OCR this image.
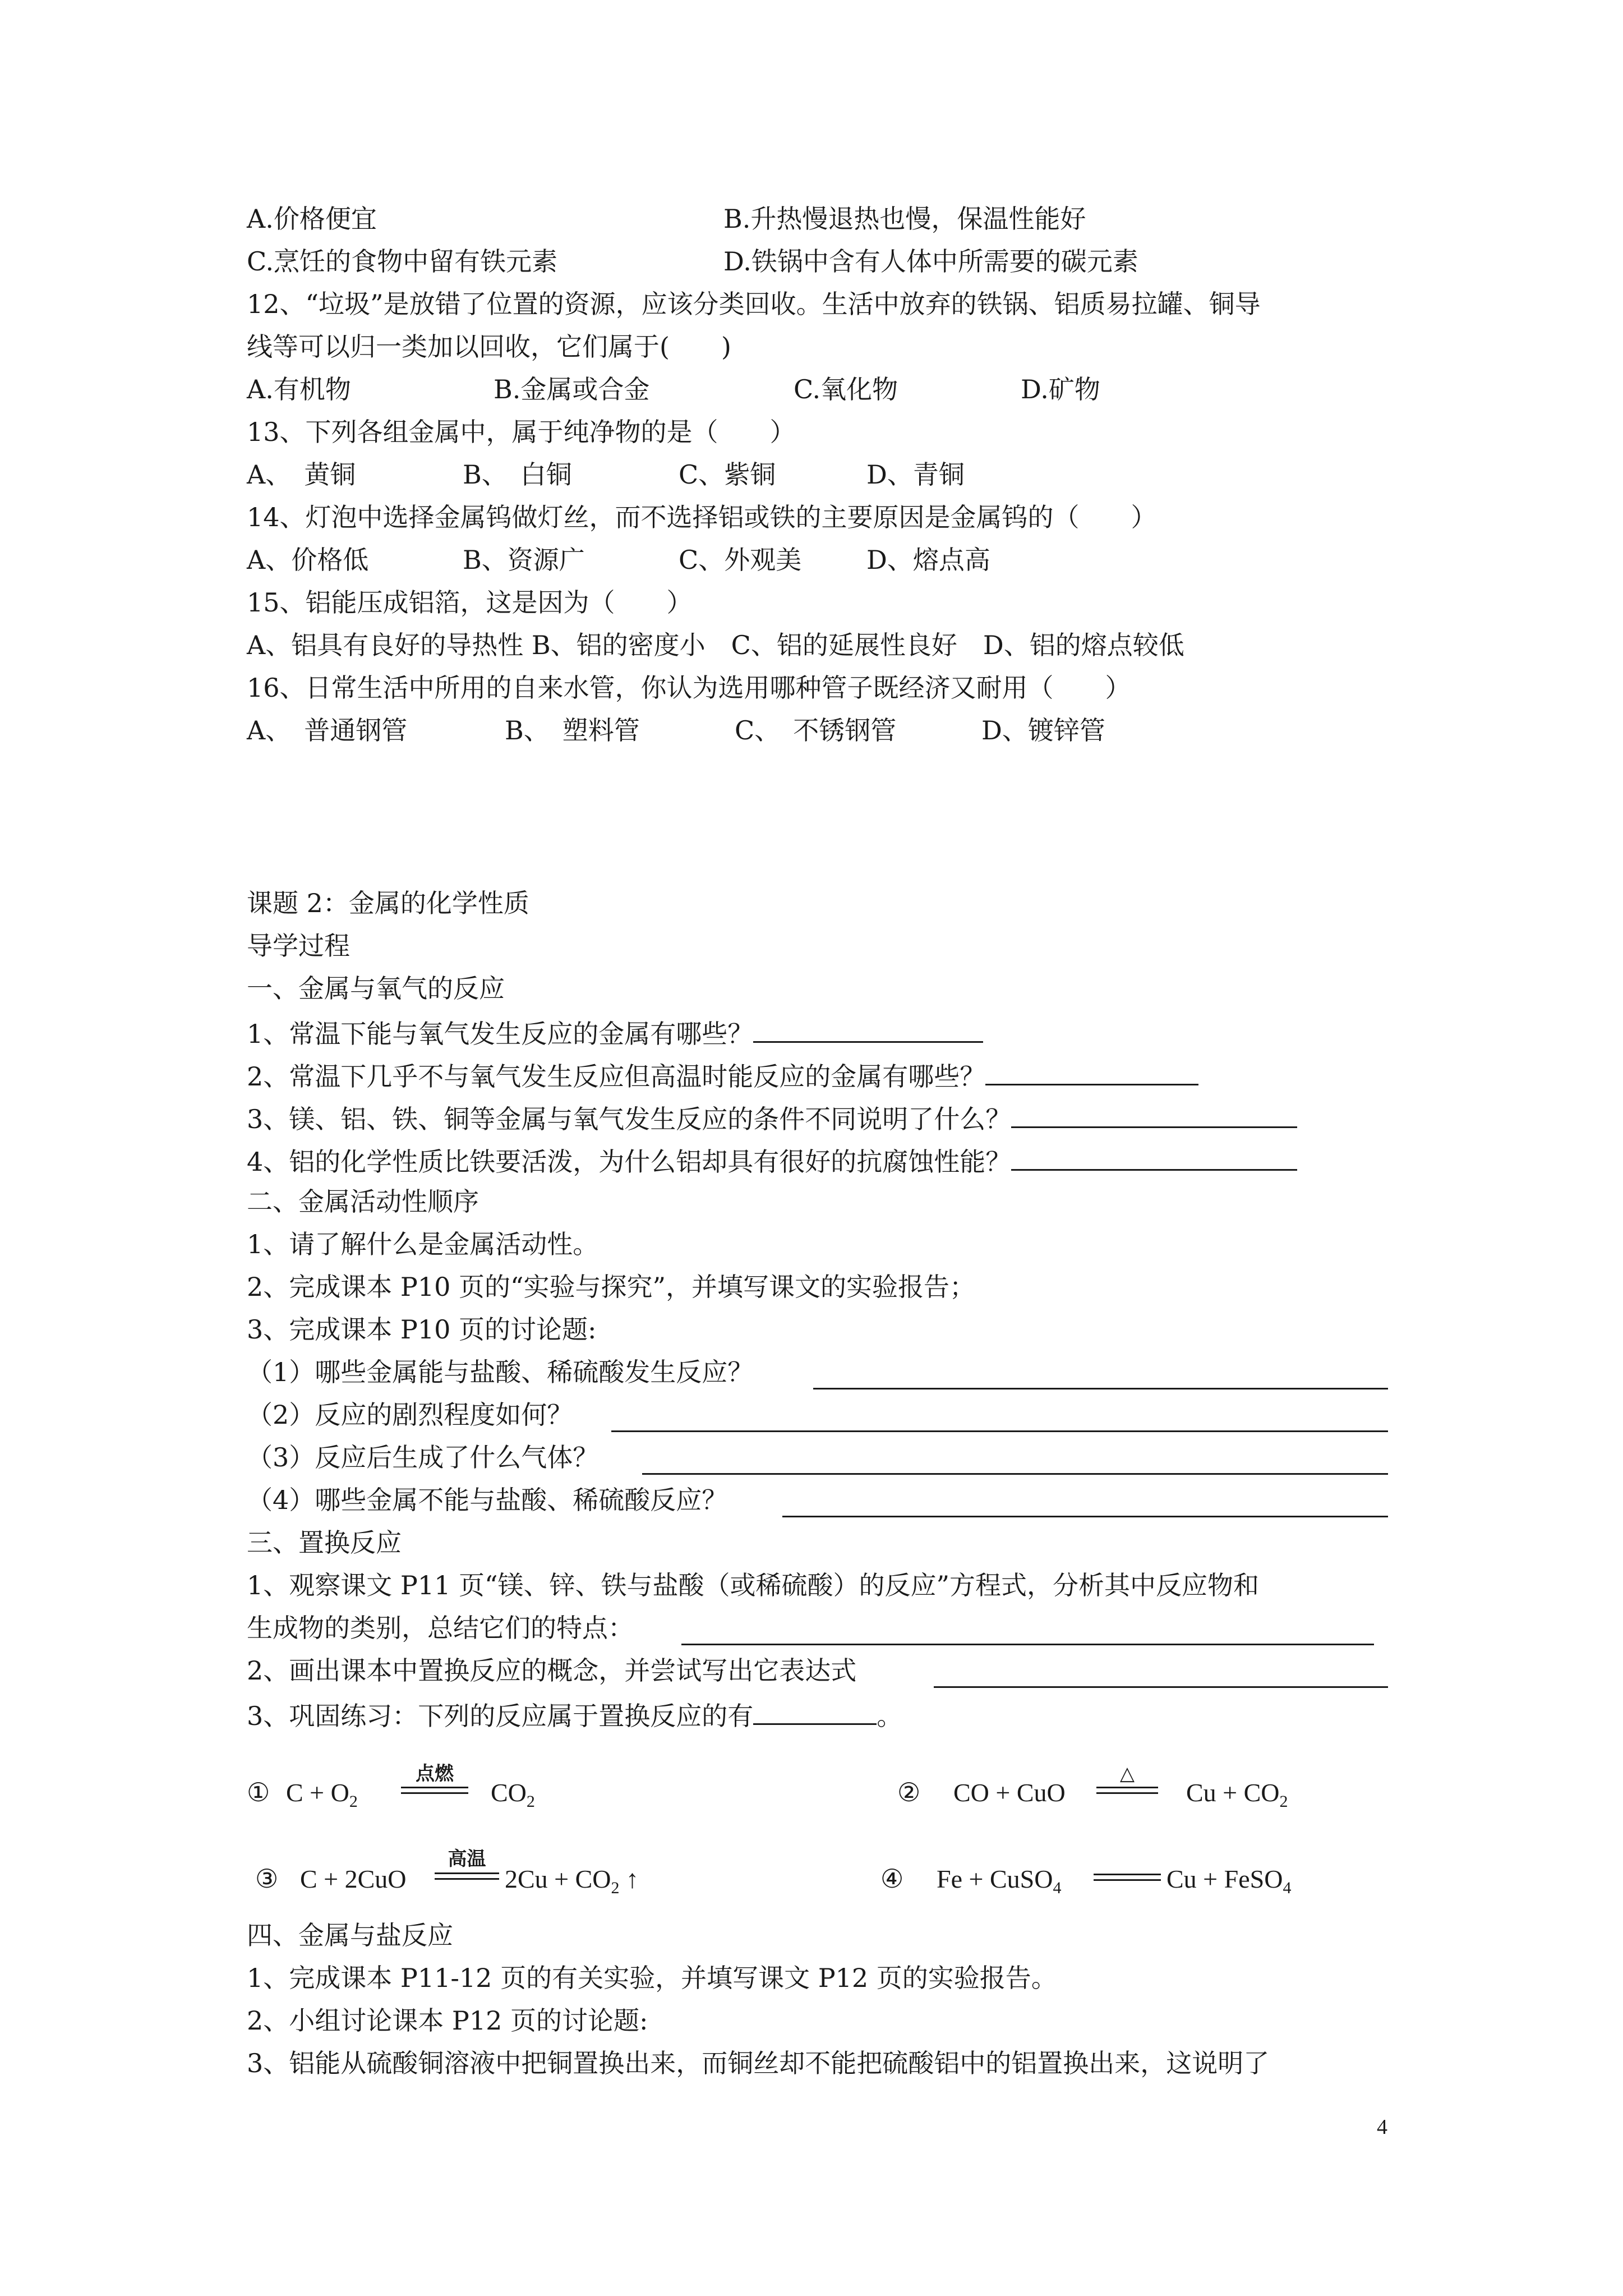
A.价格便宜	B.升热慢退热也慢，保温性能好
C.烹饪的食物中留有铁元素	D.铁锅中含有人体中所需要的碳元素
12、“垃圾”是放错了位置的资源，应该分类回收。生活中放弃的铁锅、铝质易拉罐、铜导
线等可以归一类加以回收，它们属于(　　)
A.有机物	B.金属或合金	C.氧化物	D.矿物
13、下列各组金属中，属于纯净物的是（　　）
A、　黄铜	B、　白铜	C、紫铜	D、青铜
14、灯泡中选择金属钨做灯丝，而不选择铝或铁的主要原因是金属钨的（　　）
A、价格低	B、资源广	C、外观美	D、熔点高
15、铝能压成铝箔，这是因为（　　）
A、铝具有良好的导热性 B、铝的密度小　C、铝的延展性良好　D、铝的熔点较低
16、日常生活中所用的自来水管，你认为选用哪种管子既经济又耐用（　　）
A、　普通钢管	B、　塑料管	C、　不锈钢管	D、镀锌管
课题 2：金属的化学性质
导学过程
一、金属与氧气的反应
1、常温下能与氧气发生反应的金属有哪些？
2、常温下几乎不与氧气发生反应但高温时能反应的金属有哪些？
3、镁、铝、铁、铜等金属与氧气发生反应的条件不同说明了什么？
4、铝的化学性质比铁要活泼，为什么铝却具有很好的抗腐蚀性能？
二、金属活动性顺序
1、请了解什么是金属活动性。
2、完成课本 P10 页的“实验与探究”，并填写课文的实验报告；
3、完成课本 P10 页的讨论题:
（1）哪些金属能与盐酸、稀硫酸发生反应？
（2）反应的剧烈程度如何？
（3）反应后生成了什么气体？
（4）哪些金属不能与盐酸、稀硫酸反应？
三、置换反应
1、观察课文 P11 页“镁、锌、铁与盐酸（或稀硫酸）的反应”方程式，分析其中反应物和
生成物的类别，总结它们的特点：
2、画出课本中置换反应的概念，并尝试写出它表达式
3、巩固练习：下列的反应属于置换反应的有	。
① $C + O_2$
点燃
$CO_2$	② CO + CuO
△
$Cu + CO_2$
③ C + 2CuO
高温
$2Cu + CO_2$ ↑	④ Fe + CuSO$_4$	Cu + FeSO$_4$
四、金属与盐反应
1、完成课本 P11-12 页的有关实验，并填写课文 P12 页的实验报告。
2、小组讨论课本 P12 页的讨论题:
3、铝能从硫酸铜溶液中把铜置换出来，而铜丝却不能把硫酸铝中的铝置换出来，这说明了
4
